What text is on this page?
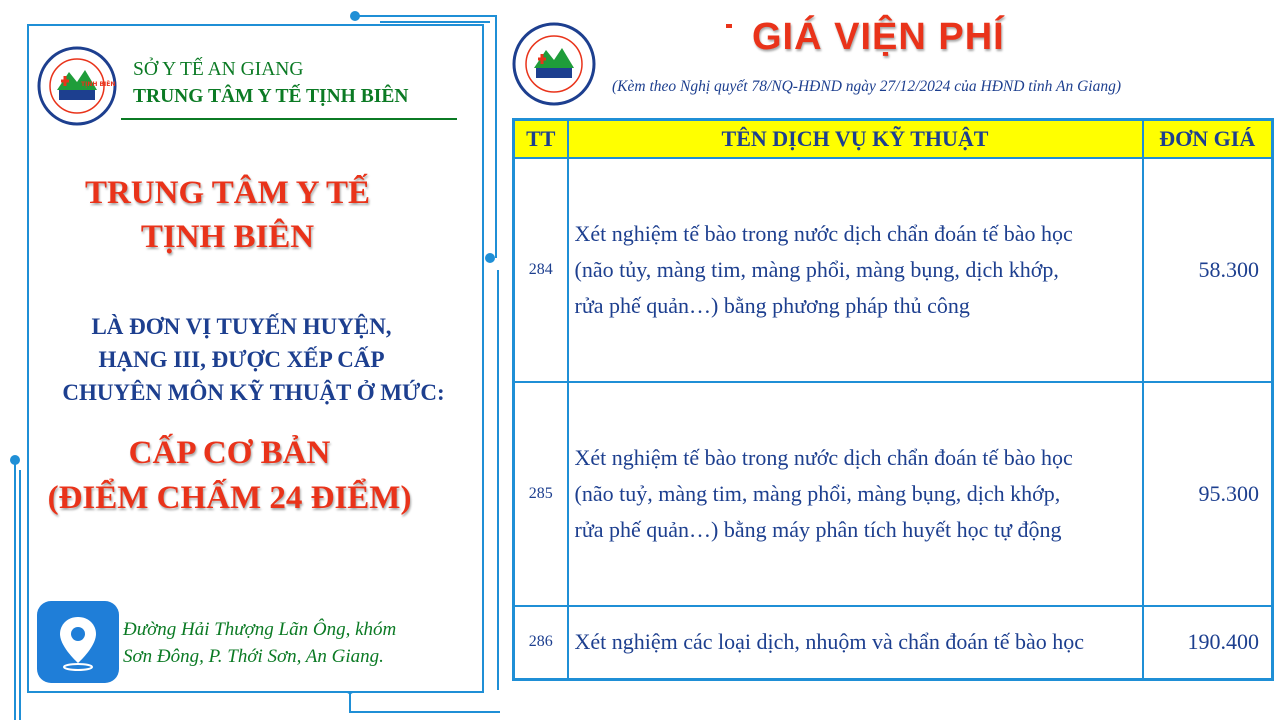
TỊNH BIÊN
SỞ Y TẾ AN GIANG
TRUNG TÂM Y TẾ TỊNH BIÊN
TRUNG TÂM Y TẾ
TỊNH BIÊN
LÀ ĐƠN VỊ TUYẾN HUYỆN,
HẠNG III, ĐƯỢC XẾP CẤP
CHUYÊN MÔN KỸ THUẬT Ở MỨC:
CẤP CƠ BẢN
(ĐIỂM CHẤM 24 ĐIỂM)
Đường Hải Thượng Lãn Ông, khóm
Sơn Đông, P. Thới Sơn, An Giang.
GIÁ VIỆN PHÍ
(Kèm theo Nghị quyết 78/NQ-HĐND ngày 27/12/2024 của HĐND tỉnh An Giang)
TT	TÊN DỊCH VỤ KỸ THUẬT	ĐƠN GIÁ
284	Xét nghiệm tế bào trong nước dịch chẩn đoán tế bào học
(não tủy, màng tim, màng phổi, màng bụng, dịch khớp,
rửa phế quản…) bằng phương pháp thủ công	58.300
285	Xét nghiệm tế bào trong nước dịch chẩn đoán tế bào học
(não tuỷ, màng tim, màng phổi, màng bụng, dịch khớp,
rửa phế quản…) bằng máy phân tích huyết học tự động	95.300
286	Xét nghiệm các loại dịch, nhuộm và chẩn đoán tế bào học	190.400
